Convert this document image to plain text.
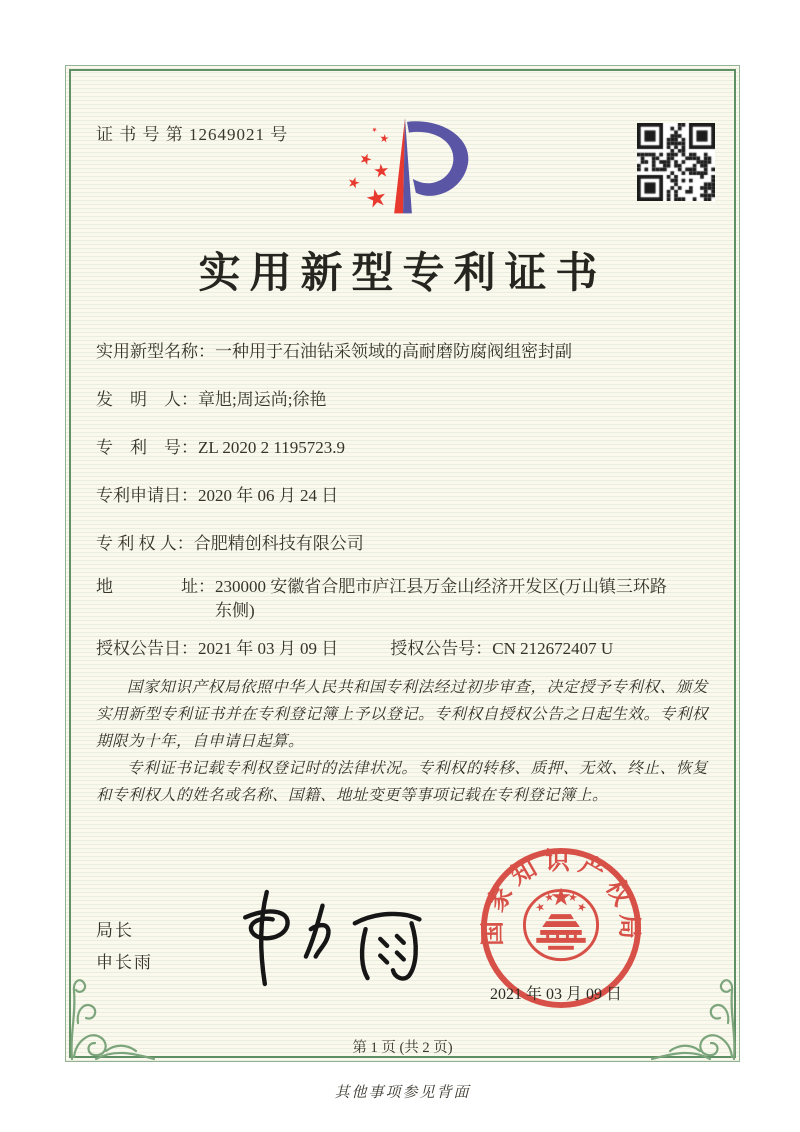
证 书 号 第 12649021 号
实用新型专利证书
实用新型名称： 一种用于石油钻采领域的高耐磨防腐阀组密封副
发　明　人： 章旭;周运尚;徐艳
专　利　号： ZL 2020 2 1195723.9
专利申请日： 2020 年 06 月 24 日
专 利 权 人： 合肥精创科技有限公司
地　　　　址： 230000 安徽省合肥市庐江县万金山经济开发区(万山镇三环路东侧)
授权公告日： 2021 年 03 月 09 日	授权公告号： CN 212672407 U

国家知识产权局依照中华人民共和国专利法经过初步审查，决定授予专利权、颁发实用新型专利证书并在专利登记簿上予以登记。专利权自授权公告之日起生效。专利权期限为十年，自申请日起算。

专利证书记载专利权登记时的法律状况。专利权的转移、质押、无效、终止、恢复和专利权人的姓名或名称、国籍、地址变更等事项记载在专利登记簿上。

局长
申长雨
国家知识产权局
2021 年 03 月 09 日
第 1 页 (共 2 页)
其他事项参见背面
